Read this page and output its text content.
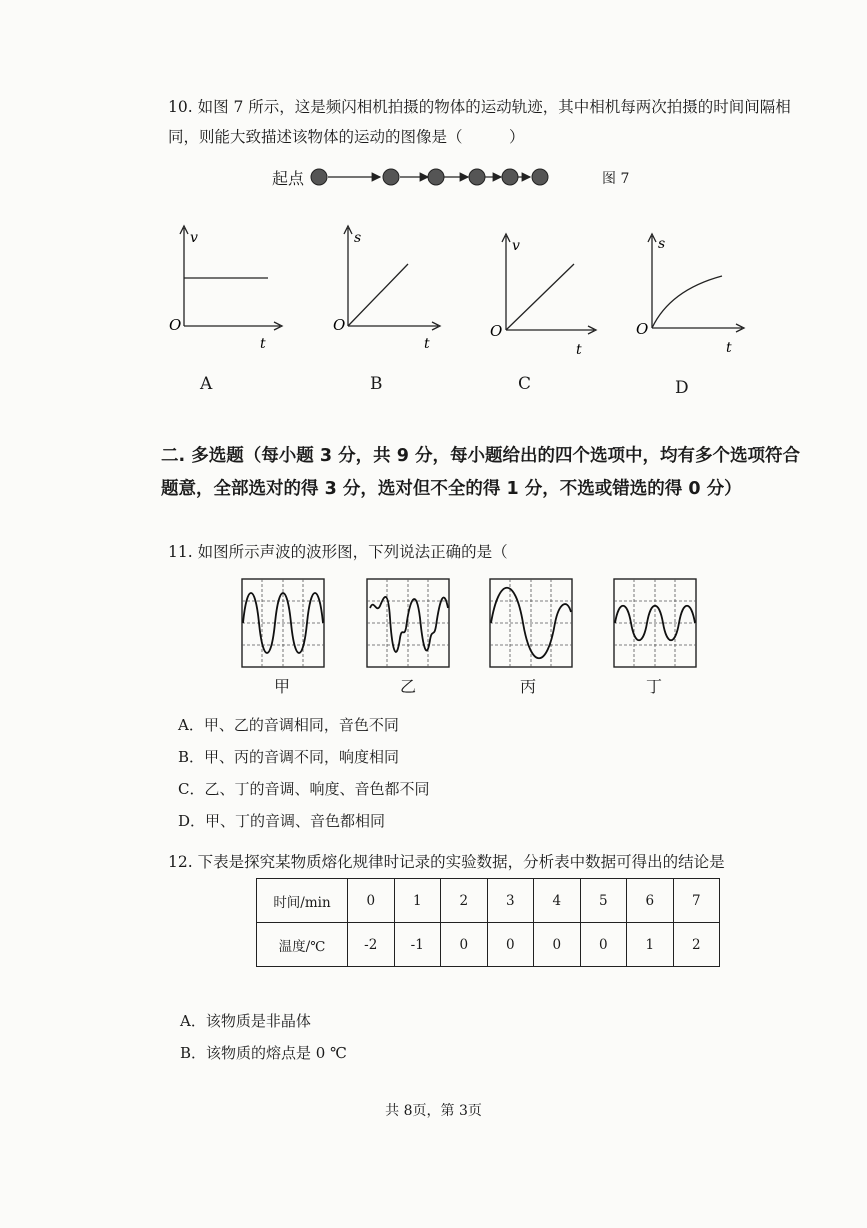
10. 如图 7 所示，这是频闪相机拍摄的物体的运动轨迹，其中相机每两次拍摄的时间间隔相同，则能大致描述该物体的运动的图像是（　　　）
起点	图 7
v
O
t
A
s
O
t
B
v
O
t
C
s
O
t
D
二. 多选题（每小题 3 分，共 9 分，每小题给出的四个选项中，均有多个选项符合题意，全部选对的得 3 分，选对但不全的得 1 分，不选或错选的得 0 分）
11. 如图所示声波的波形图，下列说法正确的是（
甲	乙	丙	丁
A．甲、乙的音调相同，音色不同
B．甲、丙的音调不同，响度相同
C．乙、丁的音调、响度、音色都不同
D．甲、丁的音调、音色都相同
12. 下表是探究某物质熔化规律时记录的实验数据，分析表中数据可得出的结论是
时间/min	0	1	2	3	4	5	6	7
温度/℃	-2	-1	0	0	0	0	1	2
A．该物质是非晶体
B．该物质的熔点是 0 ℃
共 8页，第 3页
